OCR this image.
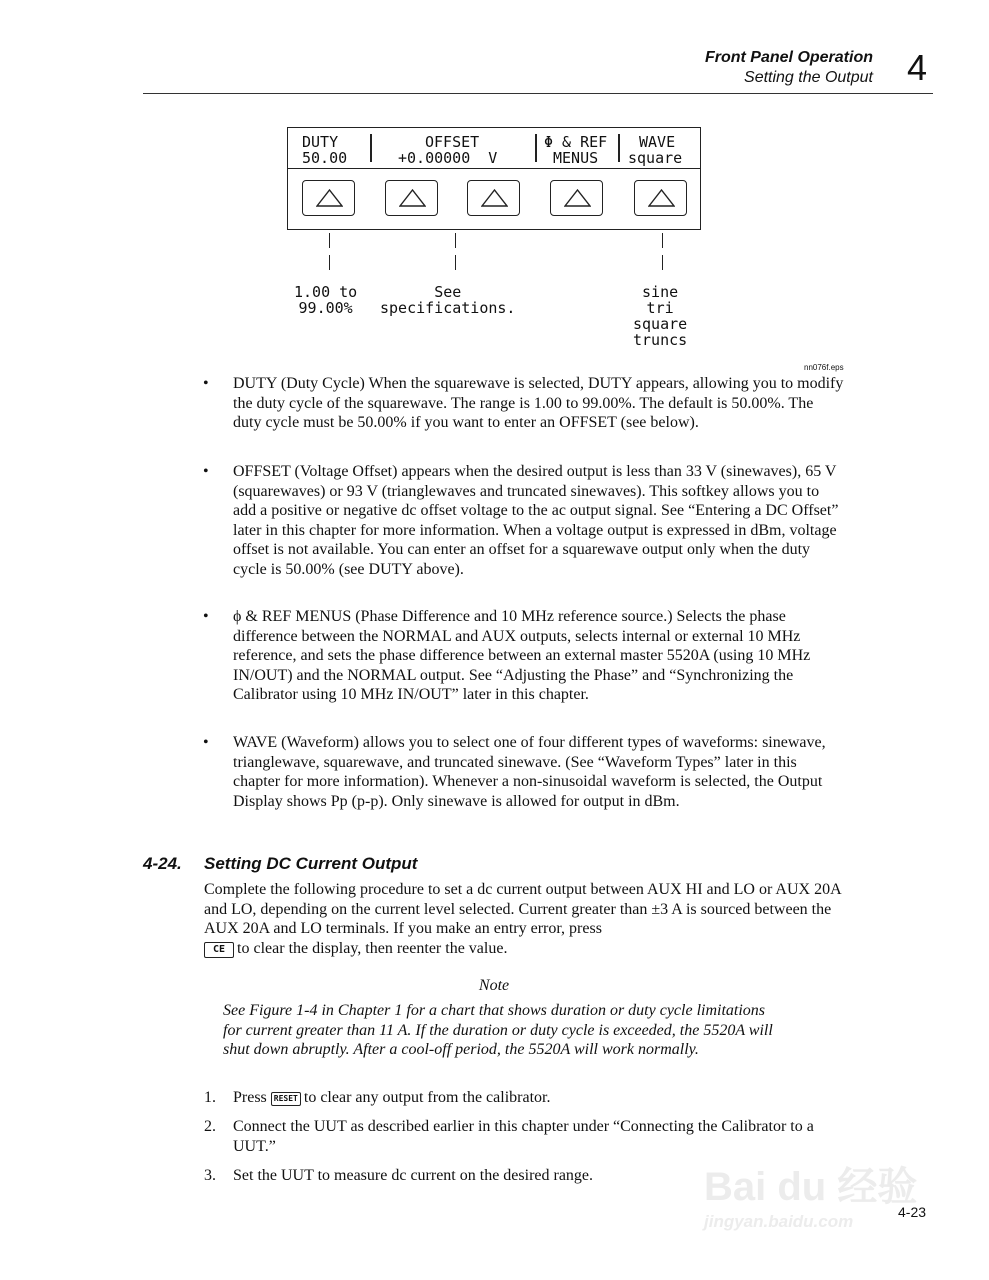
Front Panel Operation
Setting the Output 4
DUTY
50.00
OFFSET
+0.00000  V
Φ & REF
MENUS
WAVE
square
1.00 to
99.00%
See
specifications.
sine
tri
square
truncs
nn076f.eps
• DUTY (Duty Cycle) When the squarewave is selected, DUTY appears, allowing you to modify the duty cycle of the squarewave. The range is 1.00 to 99.00%. The default is 50.00%. The duty cycle must be 50.00% if you want to enter an OFFSET (see below).
• OFFSET (Voltage Offset) appears when the desired output is less than 33 V (sinewaves), 65 V (squarewaves) or 93 V (trianglewaves and truncated sinewaves). This softkey allows you to add a positive or negative dc offset voltage to the ac output signal. See “Entering a DC Offset” later in this chapter for more information. When a voltage output is expressed in dBm, voltage offset is not available. You can enter an offset for a squarewave output only when the duty cycle is 50.00% (see DUTY above).
• ϕ & REF MENUS (Phase Difference and 10 MHz reference source.) Selects the phase difference between the NORMAL and AUX outputs, selects internal or external 10 MHz reference, and sets the phase difference between an external master 5520A (using 10 MHz IN/OUT) and the NORMAL output. See “Adjusting the Phase” and “Synchronizing the Calibrator using 10 MHz IN/OUT” later in this chapter.
• WAVE (Waveform) allows you to select one of four different types of waveforms: sinewave, trianglewave, squarewave, and truncated sinewave. (See “Waveform Types” later in this chapter for more information). Whenever a non-sinusoidal waveform is selected, the Output Display shows Pp (p-p). Only sinewave is allowed for output in dBm.
4-24. Setting DC Current Output
Complete the following procedure to set a dc current output between AUX HI and LO or AUX 20A and LO, depending on the current level selected. Current greater than ±3 A is sourced between the AUX 20A and LO terminals. If you make an entry error, press
CE to clear the display, then reenter the value.
Note
See Figure 1-4 in Chapter 1 for a chart that shows duration or duty cycle limitations for current greater than 11 A. If the duration or duty cycle is exceeded, the 5520A will shut down abruptly. After a cool-off period, the 5520A will work normally.
1. Press RESET to clear any output from the calibrator.
2. Connect the UUT as described earlier in this chapter under “Connecting the Calibrator to a UUT.”
3. Set the UUT to measure dc current on the desired range.	Bai du 经验
jingyan.baidu.com	4-23
